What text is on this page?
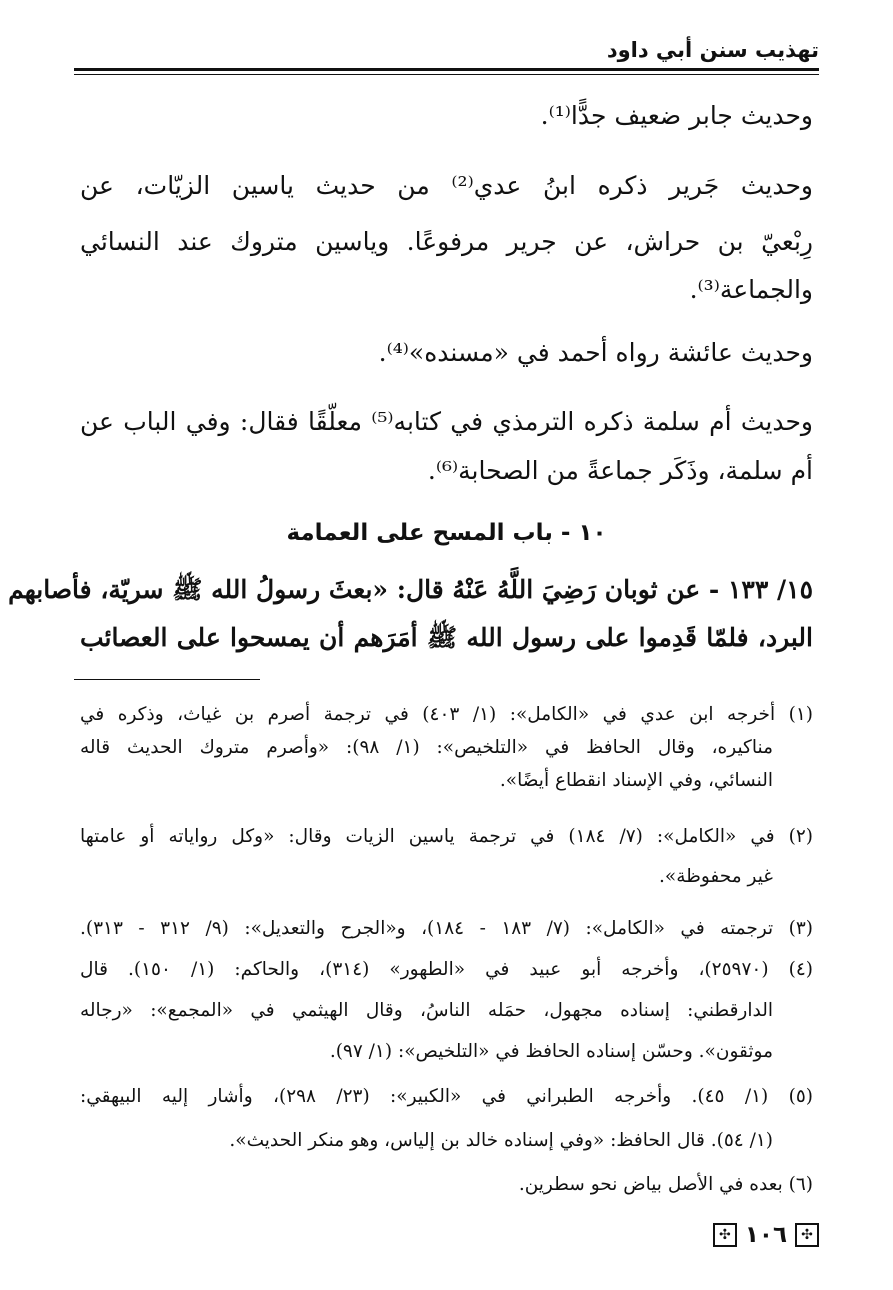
تهذيب سنن أبي داود
وحديث جابر ضعيف جدًّا⁽¹⁾.
وحديث جَرير ذكره ابنُ عدي⁽²⁾ من حديث ياسين الزيّات، عن
رِبْعيّ بن حراش، عن جرير مرفوعًا. وياسين متروك عند النسائي
والجماعة⁽³⁾.
وحديث عائشة رواه أحمد في «مسنده»⁽⁴⁾.
وحديث أم سلمة ذكره الترمذي في كتابه⁽⁵⁾ معلّقًا فقال: وفي الباب عن
أم سلمة، وذَكَر جماعةً من الصحابة⁽⁶⁾.
١٠ - باب المسح على العمامة
١٥/ ١٣٣ - عن ثوبان رَضِيَ اللَّهُ عَنْهُ قال: «بعثَ رسولُ الله ﷺ سريّة، فأصابهم
البرد، فلمّا قَدِموا على رسول الله ﷺ أمَرَهم أن يمسحوا على العصائب
(١) أخرجه ابن عدي في «الكامل»: (١/ ٤٠٣) في ترجمة أصرم بن غياث، وذكره في
مناكيره، وقال الحافظ في «التلخيص»: (١/ ٩٨): «وأصرم متروك الحديث قاله
النسائي، وفي الإسناد انقطاع أيضًا».
(٢) في «الكامل»: (٧/ ١٨٤) في ترجمة ياسين الزيات وقال: «وكل رواياته أو عامتها
غير محفوظة».
(٣) ترجمته في «الكامل»: (٧/ ١٨٣ - ١٨٤)، و«الجرح والتعديل»: (٩/ ٣١٢ - ٣١٣).
(٤) (٢٥٩٧٠)، وأخرجه أبو عبيد في «الطهور» (٣١٤)، والحاكم: (١/ ١٥٠). قال
الدارقطني: إسناده مجهول، حمَله الناسُ، وقال الهيثمي في «المجمع»: «رجاله
موثقون». وحسّن إسناده الحافظ في «التلخيص»: (١/ ٩٧).
(٥) (١/ ٤٥). وأخرجه الطبراني في «الكبير»: (٢٣/ ٢٩٨)، وأشار إليه البيهقي:
(١/ ٥٤). قال الحافظ: «وفي إسناده خالد بن إلياس، وهو منكر الحديث».
(٦) بعده في الأصل بياض نحو سطرين.
✣
١٠٦
✣
